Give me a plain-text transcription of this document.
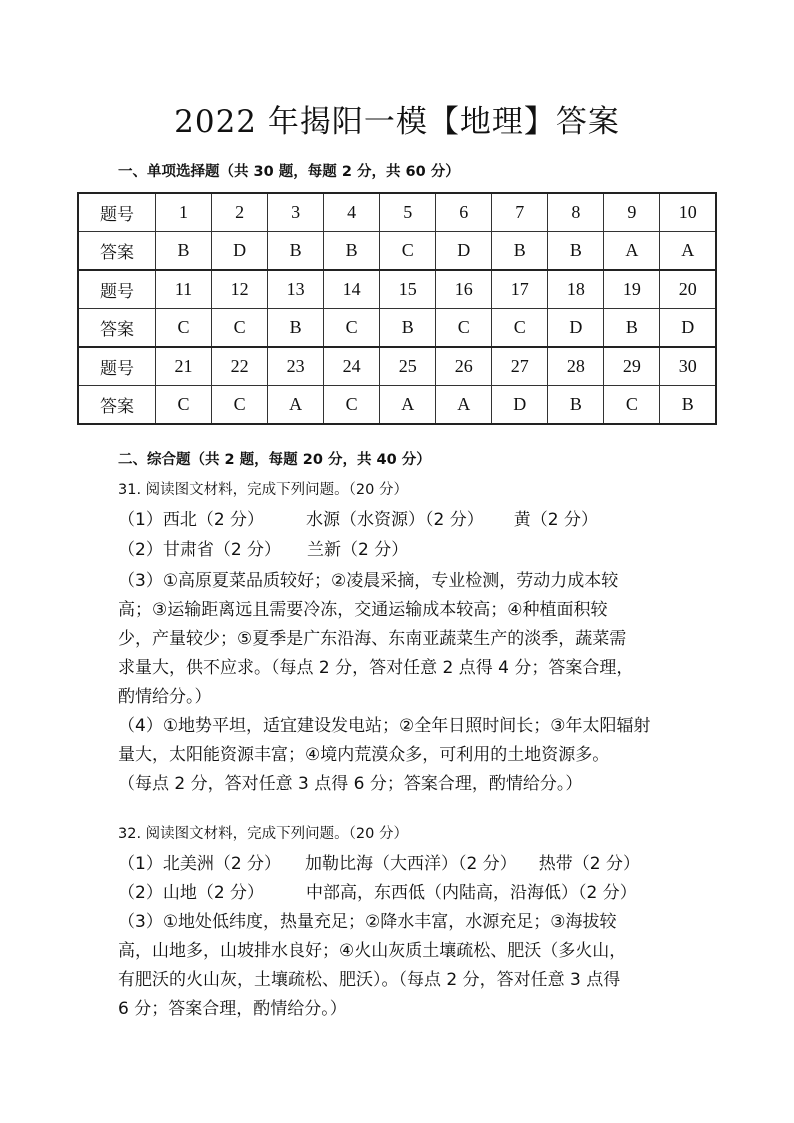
2022 年揭阳一模【地理】答案
一、单项选择题（共 30 题，每题 2 分，共 60 分）
题号	1	2	3	4	5	6	7	8	9	10
答案	B	D	B	B	C	D	B	B	A	A
题号	11	12	13	14	15	16	17	18	19	20
答案	C	C	B	C	B	C	C	D	B	D
题号	21	22	23	24	25	26	27	28	29	30
答案	C	C	A	C	A	A	D	B	C	B
二、综合题（共 2 题，每题 20 分，共 40 分）
31. 阅读图文材料，完成下列问题。（20 分）
（1）西北（2 分） 水源（水资源）（2 分） 黄（2 分）
（2）甘肃省（2 分） 兰新（2 分）
（3）①高原夏菜品质较好；②凌晨采摘，专业检测，劳动力成本较
高；③运输距离远且需要冷冻，交通运输成本较高；④种植面积较
少，产量较少；⑤夏季是广东沿海、东南亚蔬菜生产的淡季，蔬菜需
求量大，供不应求。（每点 2 分，答对任意 2 点得 4 分；答案合理，
酌情给分。）
（4）①地势平坦，适宜建设发电站；②全年日照时间长；③年太阳辐射
量大，太阳能资源丰富；④境内荒漠众多，可利用的土地资源多。
（每点 2 分，答对任意 3 点得 6 分；答案合理，酌情给分。）
32. 阅读图文材料，完成下列问题。（20 分）
（1）北美洲（2 分） 加勒比海（大西洋）（2 分） 热带（2 分）
（2）山地（2 分） 中部高，东西低（内陆高，沿海低）（2 分）
（3）①地处低纬度，热量充足；②降水丰富，水源充足；③海拔较
高，山地多，山坡排水良好；④火山灰质土壤疏松、肥沃（多火山，
有肥沃的火山灰，土壤疏松、肥沃）。（每点 2 分，答对任意 3 点得
6 分；答案合理，酌情给分。）
